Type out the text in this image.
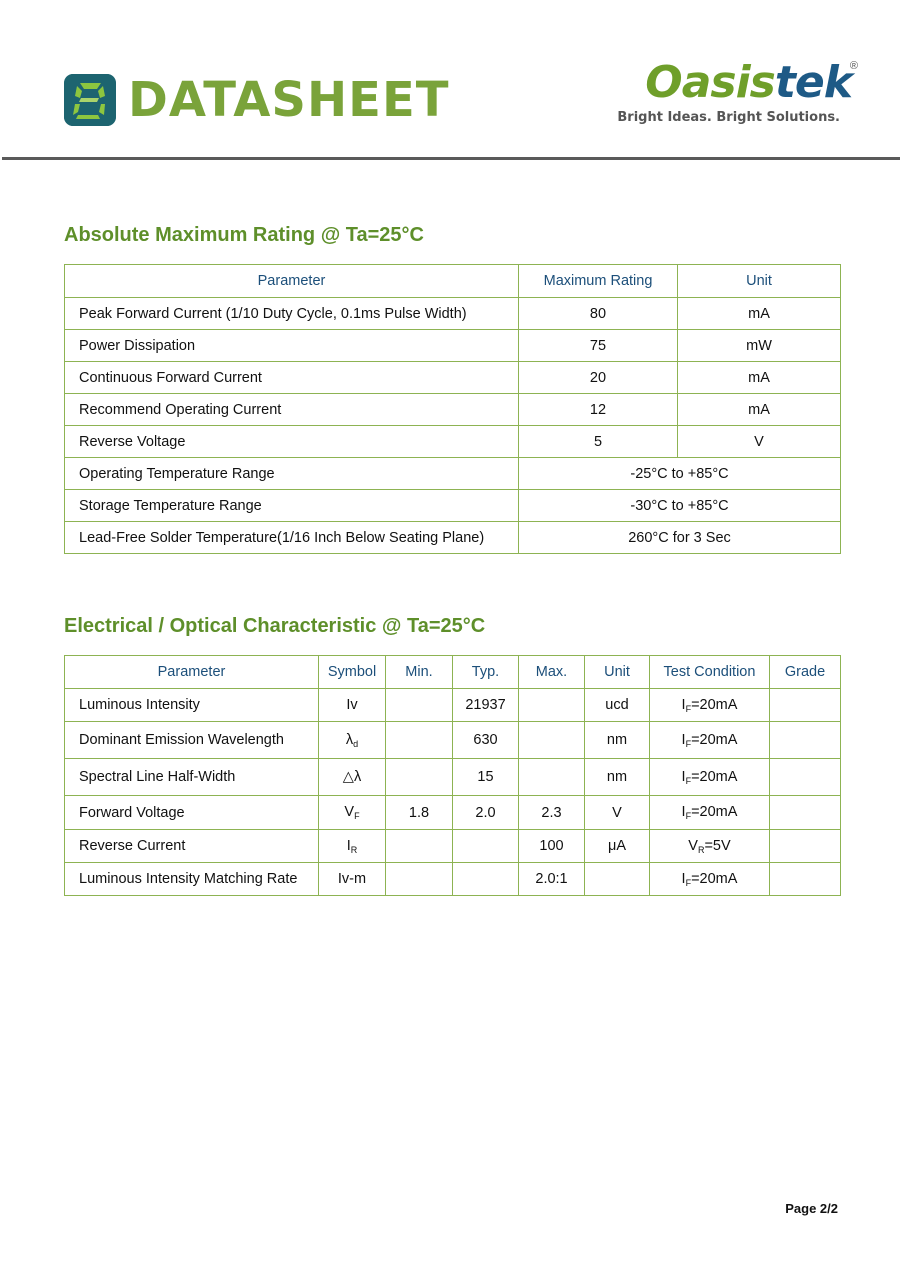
DATASHEET	Oasistek
®
Bright Ideas. Bright Solutions.
Absolute Maximum Rating @ Ta=25°C
Parameter	Maximum Rating	Unit
Peak Forward Current (1/10 Duty Cycle, 0.1ms Pulse Width)	80	mA
Power Dissipation	75	mW
Continuous Forward Current	20	mA
Recommend Operating Current	12	mA
Reverse Voltage	5	V
Operating Temperature Range	-25°C to +85°C	
Storage Temperature Range	-30°C to +85°C	
Lead-Free Solder Temperature(1/16 Inch Below Seating Plane)	260°C for 3 Sec	
Electrical / Optical Characteristic @ Ta=25°C
Parameter	Symbol	Min.	Typ.	Max.	Unit	Test Condition	Grade
Luminous Intensity	Iv		21937		ucd	$I_F=20mA$	
Dominant Emission Wavelength	$\lambda_d$		630		nm	$I_F=20mA$	
Spectral Line Half-Width	△λ		15		nm	$I_F=20mA$	
Forward Voltage	$V_F$	1.8	2.0	2.3	V	$I_F=20mA$	
Reverse Current	$I_R$			100	μA	$V_R=5V$	
Luminous Intensity Matching Rate	Iv-m			2.0:1		$I_F=20mA$	
Page 2/2
